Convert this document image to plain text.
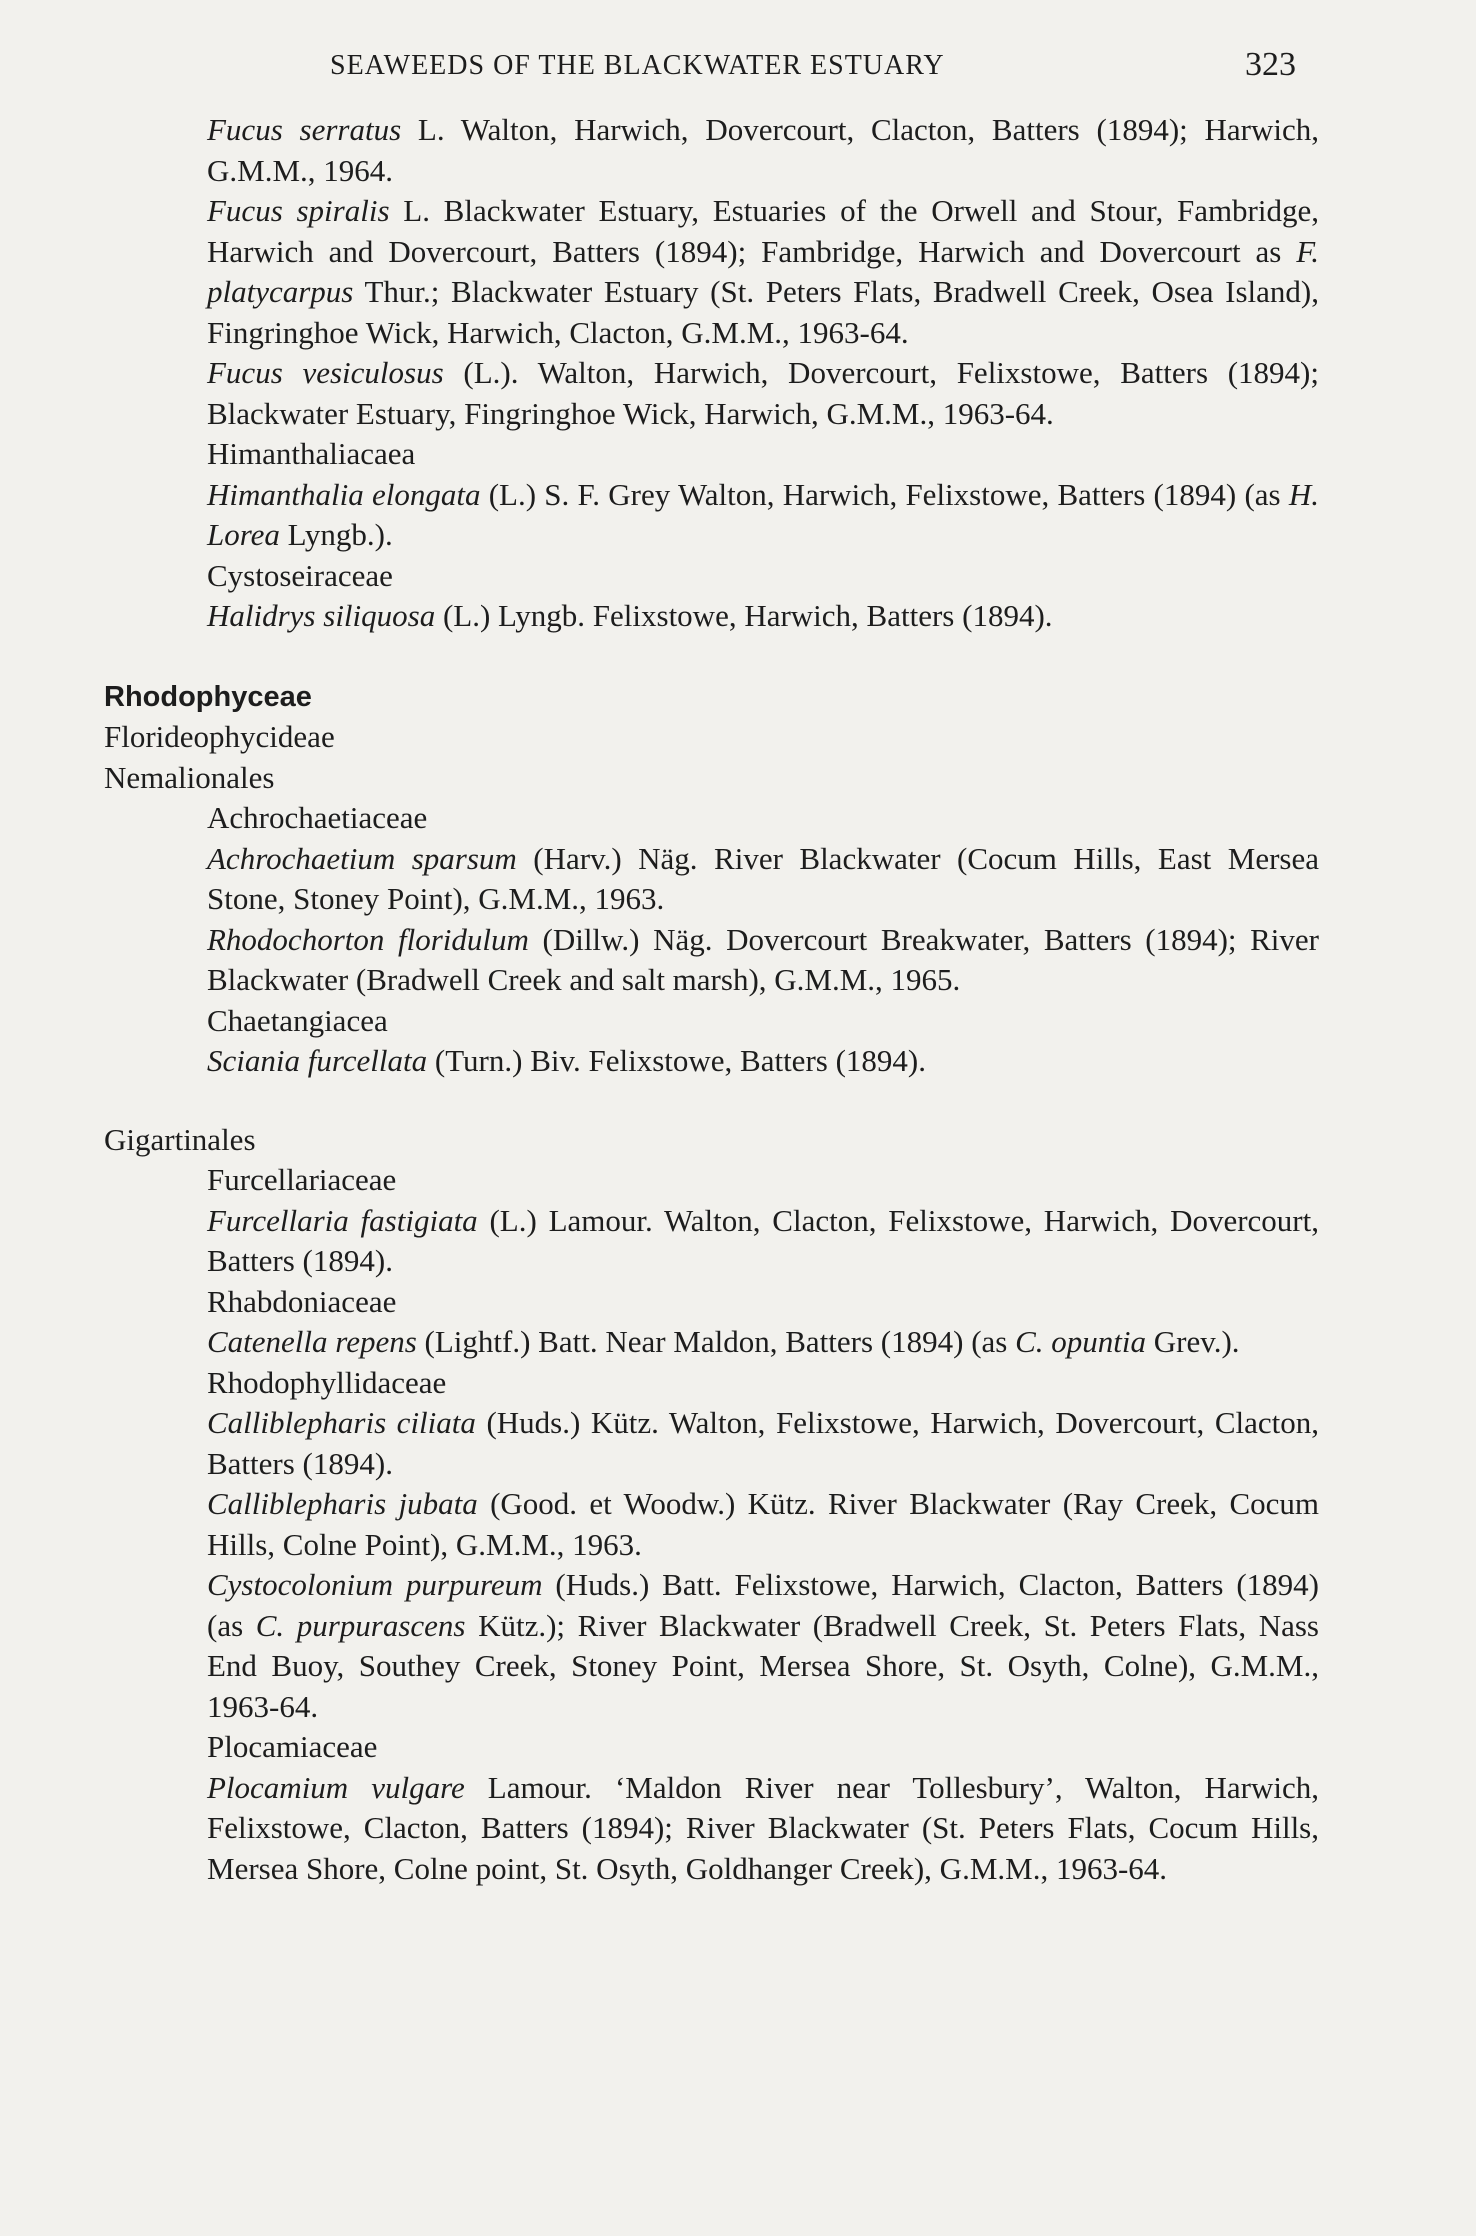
SEAWEEDS OF THE BLACKWATER ESTUARY	323
Fucus serratus L. Walton, Harwich, Dovercourt, Clacton, Batters (1894); Harwich, G.M.M., 1964.
Fucus spiralis L. Blackwater Estuary, Estuaries of the Orwell and Stour, Fambridge, Harwich and Dovercourt, Batters (1894); Fambridge, Harwich and Dovercourt as F. platycarpus Thur.; Blackwater Estuary (St. Peters Flats, Bradwell Creek, Osea Island), Fingringhoe Wick, Harwich, Clacton, G.M.M., 1963-64.
Fucus vesiculosus (L.). Walton, Harwich, Dovercourt, Felixstowe, Batters (1894); Blackwater Estuary, Fingringhoe Wick, Harwich, G.M.M., 1963-64.
Himanthaliacaea
Himanthalia elongata (L.) S. F. Grey Walton, Harwich, Felixstowe, Batters (1894) (as H. Lorea Lyngb.).
Cystoseiraceae
Halidrys siliquosa (L.) Lyngb. Felixstowe, Harwich, Batters (1894).
Rhodophyceae
Florideophycideae
Nemalionales
Achrochaetiaceae
Achrochaetium sparsum (Harv.) Näg. River Blackwater (Cocum Hills, East Mersea Stone, Stoney Point), G.M.M., 1963.
Rhodochorton floridulum (Dillw.) Näg. Dovercourt Breakwater, Batters (1894); River Blackwater (Bradwell Creek and salt marsh), G.M.M., 1965.
Chaetangiacea
Sciania furcellata (Turn.) Biv. Felixstowe, Batters (1894).
Gigartinales
Furcellariaceae
Furcellaria fastigiata (L.) Lamour. Walton, Clacton, Felixstowe, Harwich, Dovercourt, Batters (1894).
Rhabdoniaceae
Catenella repens (Lightf.) Batt. Near Maldon, Batters (1894) (as C. opuntia Grev.).
Rhodophyllidaceae
Calliblepharis ciliata (Huds.) Kütz. Walton, Felixstowe, Harwich, Dovercourt, Clacton, Batters (1894).
Calliblepharis jubata (Good. et Woodw.) Kütz. River Blackwater (Ray Creek, Cocum Hills, Colne Point), G.M.M., 1963.
Cystocolonium purpureum (Huds.) Batt. Felixstowe, Harwich, Clacton, Batters (1894) (as C. purpurascens Kütz.); River Blackwater (Bradwell Creek, St. Peters Flats, Nass End Buoy, Southey Creek, Stoney Point, Mersea Shore, St. Osyth, Colne), G.M.M., 1963-64.
Plocamiaceae
Plocamium vulgare Lamour. ‘Maldon River near Tollesbury’, Walton, Harwich, Felixstowe, Clacton, Batters (1894); River Blackwater (St. Peters Flats, Cocum Hills, Mersea Shore, Colne point, St. Osyth, Goldhanger Creek), G.M.M., 1963-64.
